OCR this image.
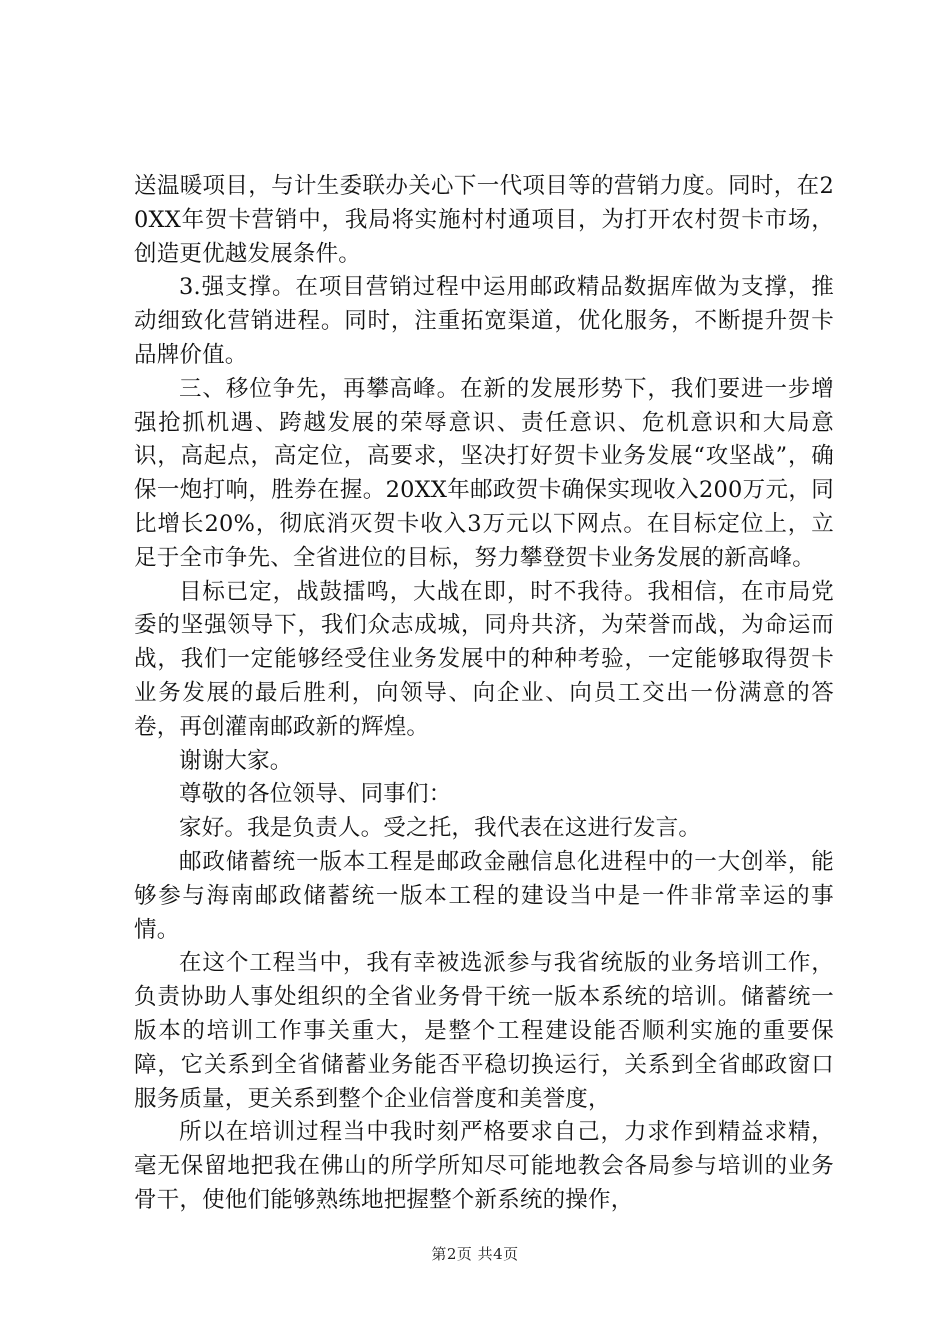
送温暖项目，与计生委联办关心下一代项目等的营销力度。同时，在20XX年贺卡营销中，我局将实施村村通项目，为打开农村贺卡市场，创造更优越发展条件。

3.强支撑。在项目营销过程中运用邮政精品数据库做为支撑，推动细致化营销进程。同时，注重拓宽渠道，优化服务，不断提升贺卡品牌价值。

三、移位争先，再攀高峰。在新的发展形势下，我们要进一步增强抢抓机遇、跨越发展的荣辱意识、责任意识、危机意识和大局意识，高起点，高定位，高要求，坚决打好贺卡业务发展“攻坚战”，确保一炮打响，胜券在握。20XX年邮政贺卡确保实现收入200万元，同比增长20%，彻底消灭贺卡收入3万元以下网点。在目标定位上，立足于全市争先、全省进位的目标，努力攀登贺卡业务发展的新高峰。

目标已定，战鼓擂鸣，大战在即，时不我待。我相信，在市局党委的坚强领导下，我们众志成城，同舟共济，为荣誉而战，为命运而战，我们一定能够经受住业务发展中的种种考验，一定能够取得贺卡业务发展的最后胜利，向领导、向企业、向员工交出一份满意的答卷，再创灌南邮政新的辉煌。

谢谢大家。

尊敬的各位领导、同事们：

家好。我是负责人。受之托，我代表在这进行发言。

邮政储蓄统一版本工程是邮政金融信息化进程中的一大创举，能够参与海南邮政储蓄统一版本工程的建设当中是一件非常幸运的事情。

在这个工程当中，我有幸被选派参与我省统版的业务培训工作，负责协助人事处组织的全省业务骨干统一版本系统的培训。储蓄统一版本的培训工作事关重大，是整个工程建设能否顺利实施的重要保障，它关系到全省储蓄业务能否平稳切换运行，关系到全省邮政窗口服务质量，更关系到整个企业信誉度和美誉度，

所以在培训过程当中我时刻严格要求自己，力求作到精益求精，毫无保留地把我在佛山的所学所知尽可能地教会各局参与培训的业务骨干，使他们能够熟练地把握整个新系统的操作，

第2页 共4页
